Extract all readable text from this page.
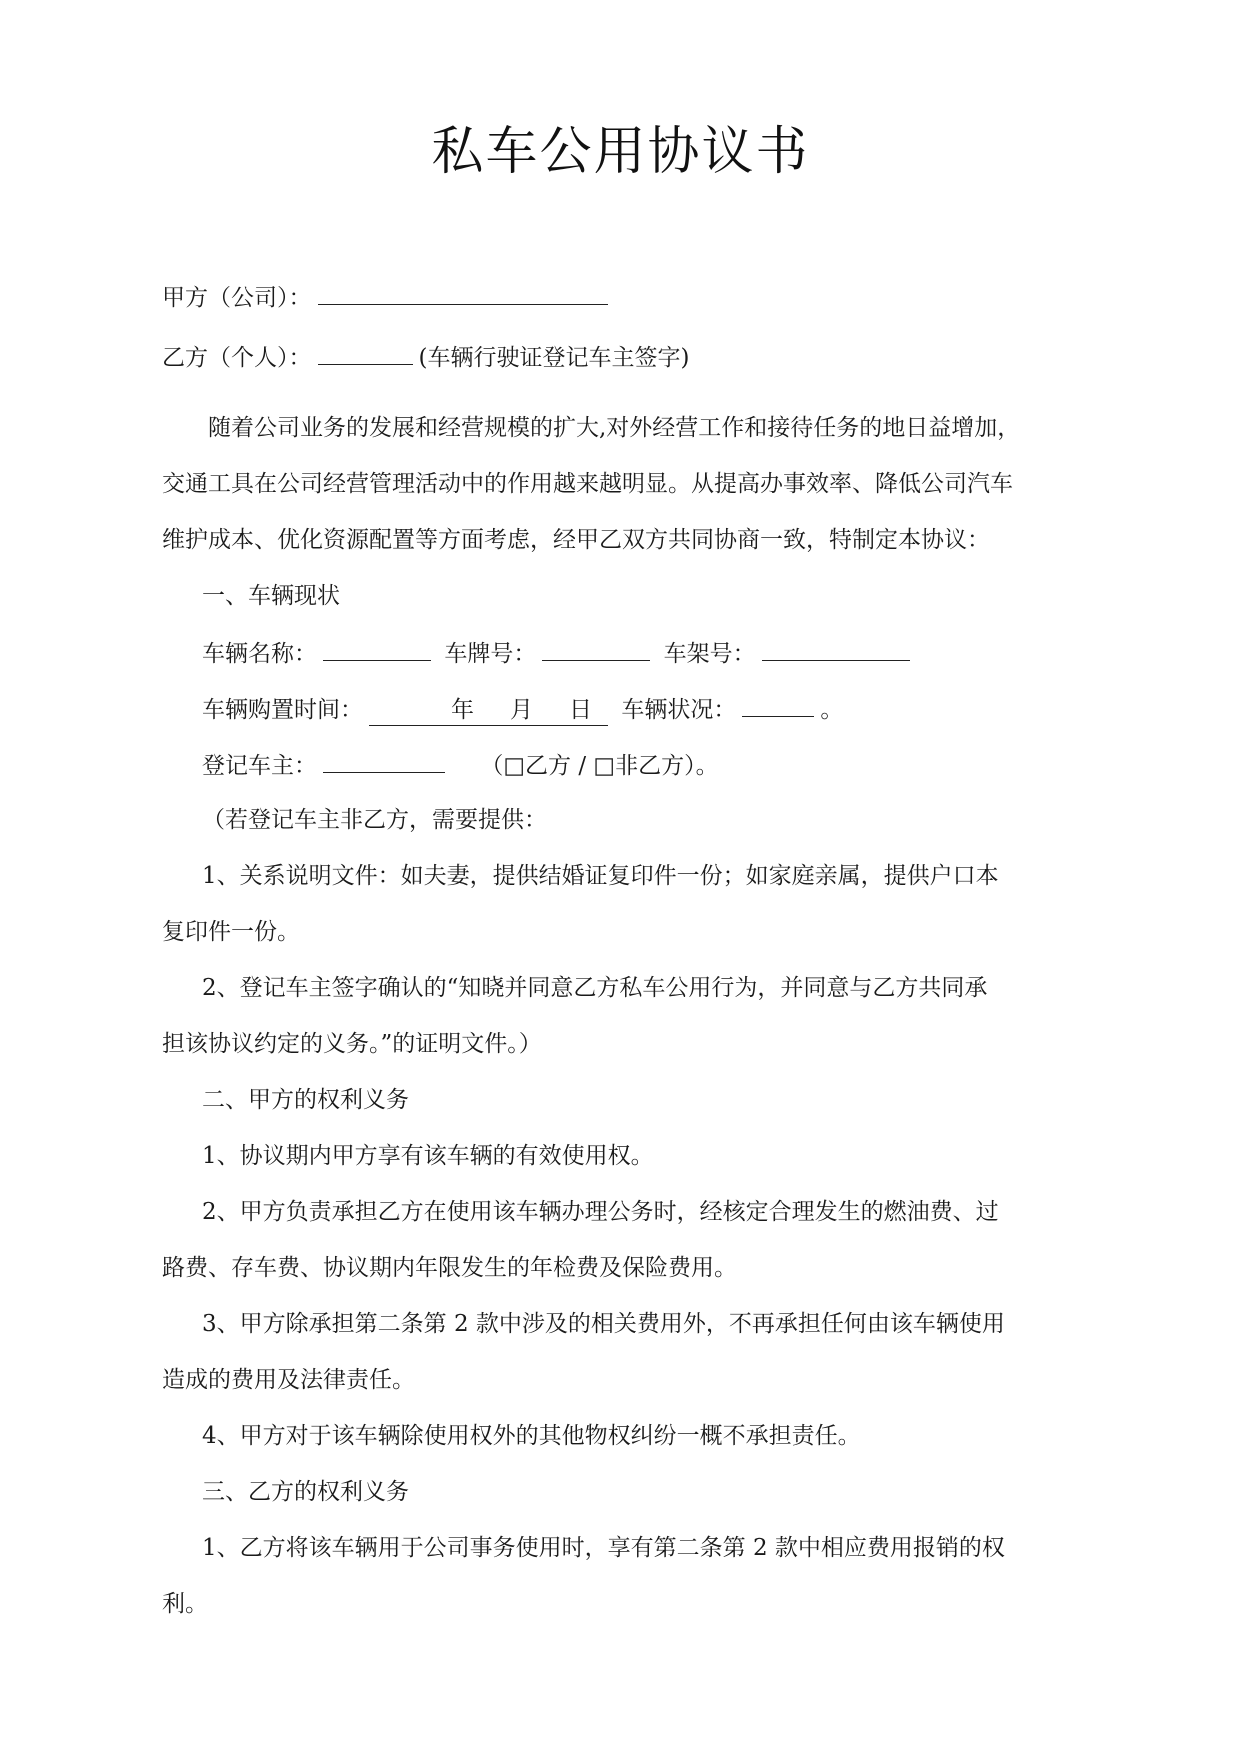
私车公用协议书
甲方（公司）：
乙方（个人）：	(车辆行驶证登记车主签字)
随着公司业务的发展和经营规模的扩大,对外经营工作和接待任务的地日益增加，
交通工具在公司经营管理活动中的作用越来越明显。从提高办事效率、降低公司汽车
维护成本、优化资源配置等方面考虑，经甲乙双方共同协商一致，特制定本协议：
一、车辆现状
车辆名称：	车牌号：	车架号：
车辆购置时间：	年 月 日 车辆状况：	。
登记车主：	（□乙方 / □非乙方）。
（若登记车主非乙方，需要提供：
1、关系说明文件：如夫妻，提供结婚证复印件一份；如家庭亲属，提供户口本
复印件一份。
2、登记车主签字确认的“知晓并同意乙方私车公用行为，并同意与乙方共同承
担该协议约定的义务。”的证明文件。）
二、甲方的权利义务
1、协议期内甲方享有该车辆的有效使用权。
2、甲方负责承担乙方在使用该车辆办理公务时，经核定合理发生的燃油费、过
路费、存车费、协议期内年限发生的年检费及保险费用。
3、甲方除承担第二条第 2 款中涉及的相关费用外，不再承担任何由该车辆使用
造成的费用及法律责任。
4、甲方对于该车辆除使用权外的其他物权纠纷一概不承担责任。
三、乙方的权利义务
1、乙方将该车辆用于公司事务使用时，享有第二条第 2 款中相应费用报销的权
利。
